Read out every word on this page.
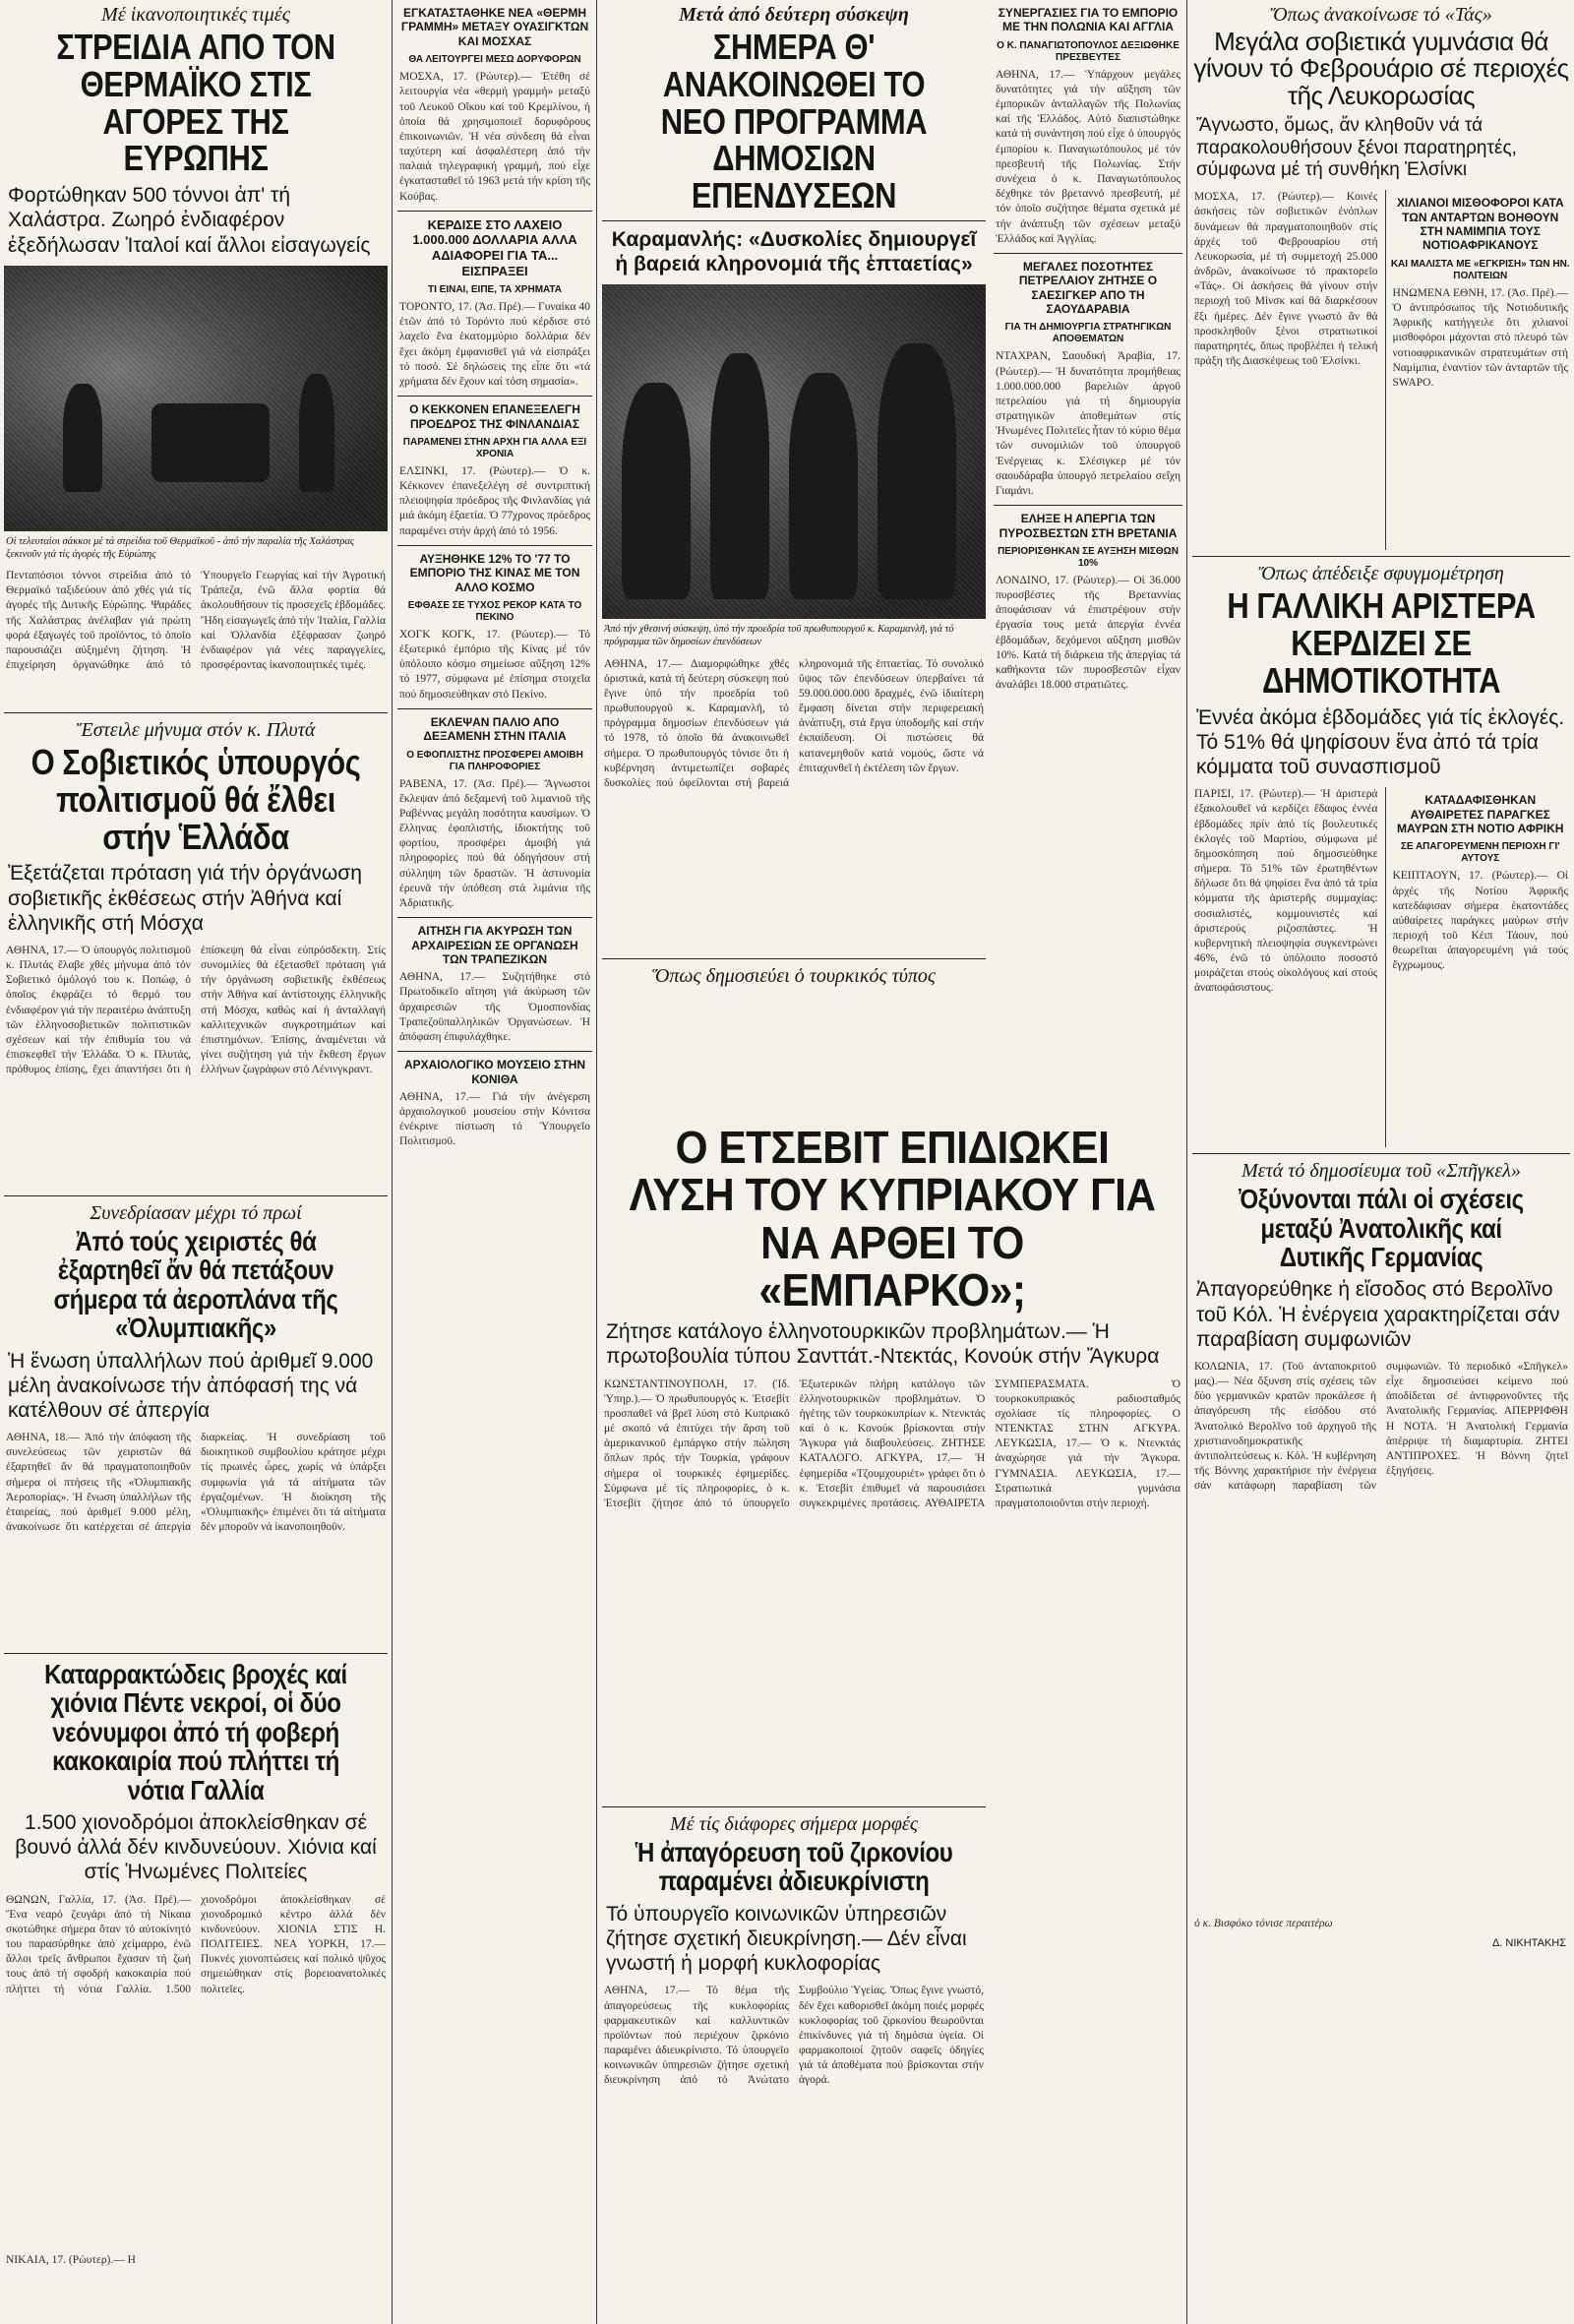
Μέ ἱκανοποιητικές τιμές
ΣΤΡΕΙΔΙΑ ΑΠΟ ΤΟΝ ΘΕΡΜΑΪΚΟ ΣΤΙΣ ΑΓΟΡΕΣ ΤΗΣ ΕΥΡΩΠΗΣ
Φορτώθηκαν 500 τόννοι ἀπ' τή Χαλάστρα. Ζωηρό ἐνδιαφέρον ἐξεδήλωσαν Ἰταλοί καί ἄλλοι εἰσαγωγείς
Οἱ τελευταίοι σάκκοι μέ τά στρείδια τοῦ Θερμαϊκοῦ - ἀπό τήν παραλία τῆς Χαλάστρας ξεκινοῦν γιά τίς ἀγορές τῆς Εὐρώπης
Πενταπόσιοι τόννοι στρείδια ἀπό τό Θερμαϊκό ταξιδεύουν ἀπό χθές γιά τίς ἀγορές τῆς Δυτικῆς Εὐρώπης. Ψαράδες τῆς Χαλάστρας ἀνέλαβαν γιά πρώτη φορά ἐξαγωγές τοῦ προϊόντος, τό ὁποῖο παρουσιάζει αὐξημένη ζήτηση. Ἡ ἐπιχείρηση ὀργανώθηκε ἀπό τό Ὑπουργεῖο Γεωργίας καί τήν Ἀγροτική Τράπεζα, ἐνῶ ἄλλα φορτία θά ἀκολουθήσουν τίς προσεχεῖς ἑβδομάδες. Ἤδη εἰσαγωγεῖς ἀπό τήν Ἰταλία, Γαλλία καί Ὀλλανδία ἐξέφρασαν ζωηρό ἐνδιαφέρον γιά νέες παραγγελίες, προσφέροντας ἱκανοποιητικές τιμές.
Ἔστειλε μήνυμα στόν κ. Πλυτά
Ο Σοβιετικός ὑπουργός πολιτισμοῦ θά ἔλθει στήν Ἑλλάδα
Ἐξετάζεται πρόταση γιά τήν ὀργάνωση σοβιετικῆς ἐκθέσεως στήν Ἀθήνα καί ἑλληνικῆς στή Μόσχα
ΑΘΗΝΑ, 17.— Ὁ ὑπουργός πολιτισμοῦ κ. Πλυτάς ἔλαβε χθές μήνυμα ἀπό τόν Σοβιετικό ὁμόλογό του κ. Ποπώφ, ὁ ὁποῖος ἐκφράζει τό θερμό του ἐνδιαφέρον γιά τήν περαιτέρω ἀνάπτυξη τῶν ἑλληνοσοβιετικῶν πολιτιστικῶν σχέσεων καί τήν ἐπιθυμία του νά ἐπισκεφθεῖ τήν Ἑλλάδα. Ὁ κ. Πλυτάς, πρόθυμος ἐπίσης, ἔχει ἀπαντήσει ὅτι ἡ ἐπίσκεψη θά εἶναι εὐπρόσδεκτη. Στίς συνομιλίες θά ἐξετασθεῖ πρόταση γιά τήν ὀργάνωση σοβιετικῆς ἐκθέσεως στήν Ἀθήνα καί ἀντίστοιχης ἑλληνικῆς στή Μόσχα, καθώς καί ἡ ἀνταλλαγή καλλιτεχνικῶν συγκροτημάτων καί ἐπιστημόνων. Ἐπίσης, ἀναμένεται νά γίνει συζήτηση γιά τήν ἔκθεση ἔργων ἑλλήνων ζωγράφων στό Λένινγκραντ.
Συνεδρίασαν μέχρι τό πρωί
Ἀπό τούς χειριστές θά ἐξαρτηθεῖ ἄν θά πετάξουν σήμερα τά ἀεροπλάνα τῆς «Ὀλυμπιακῆς»
Ἡ ἕνωση ὑπαλλήλων πού ἀριθμεῖ 9.000 μέλη ἀνακοίνωσε τήν ἀπόφασή της νά κατέλθουν σέ ἀπεργία
ΑΘΗΝΑ, 18.— Ἀπό τήν ἀπόφαση τῆς συνελεύσεως τῶν χειριστῶν θά ἐξαρτηθεῖ ἄν θά πραγματοποιηθοῦν σήμερα οἱ πτήσεις τῆς «Ὀλυμπιακῆς Ἀεροπορίας». Ἡ ἕνωση ὑπαλλήλων τῆς ἑταιρείας, πού ἀριθμεῖ 9.000 μέλη, ἀνακοίνωσε ὅτι κατέρχεται σέ ἀπεργία διαρκείας. Ἡ συνεδρίαση τοῦ διοικητικοῦ συμβουλίου κράτησε μέχρι τίς πρωινές ὧρες, χωρίς νά ὑπάρξει συμφωνία γιά τά αἰτήματα τῶν ἐργαζομένων. Ἡ διοίκηση τῆς «Ὀλυμπιακῆς» ἐπιμένει ὅτι τά αἰτήματα δέν μποροῦν νά ἱκανοποιηθοῦν.
Καταρρακτώδεις βροχές καί χιόνια Πέντε νεκροί, οἱ δύο νεόνυμφοι ἀπό τή φοβερή κακοκαιρία πού πλήττει τή νότια Γαλλία
1.500 χιονοδρόμοι ἀποκλείσθηκαν σέ βουνό ἀλλά δέν κινδυνεύουν. Χιόνια καί στίς Ἡνωμένες Πολιτείες
ΘΩΝΩΝ, Γαλλία, 17. (Ἀσ. Πρέ).— Ἕνα νεαρό ζευγάρι ἀπό τή Νίκαια σκοτώθηκε σήμερα ὅταν τό αὐτοκίνητό του παρασύρθηκε ἀπό χείμαρρο, ἐνῶ ἄλλοι τρεῖς ἄνθρωποι ἔχασαν τή ζωή τους ἀπό τή σφοδρή κακοκαιρία πού πλήττει τή νότια Γαλλία. 1.500 χιονοδρόμοι ἀποκλείσθηκαν σέ χιονοδρομικό κέντρο ἀλλά δέν κινδυνεύουν. ΧΙΟΝΙΑ ΣΤΙΣ Η. ΠΟΛΙΤΕΙΕΣ. ΝΕΑ ΥΟΡΚΗ, 17.— Πυκνές χιονοπτώσεις καί πολικό ψῦχος σημειώθηκαν στίς βορειοανατολικές πολιτεῖες.
ΝΙΚΑΙΑ, 17. (Ρώυτερ).— Η
ΕΓΚΑΤΑΣΤΑΘΗΚΕ ΝΕΑ «ΘΕΡΜΗ ΓΡΑΜΜΗ» ΜΕΤΑΞΥ ΟΥΑΣΙΓΚΤΩΝ ΚΑΙ ΜΟΣΧΑΣ
ΘΑ ΛΕΙΤΟΥΡΓΕΙ ΜΕΣΩ ΔΟΡΥΦΟΡΩΝ
ΜΟΣΧΑ, 17. (Ρώυτερ).— Ἐτέθη σέ λειτουργία νέα «θερμή γραμμή» μεταξύ τοῦ Λευκοῦ Οἴκου καί τοῦ Κρεμλίνου, ἡ ὁποία θά χρησιμοποιεῖ δορυφόρους ἐπικοινωνιῶν. Ἡ νέα σύνδεση θά εἶναι ταχύτερη καί ἀσφαλέστερη ἀπό τήν παλαιά τηλεγραφική γραμμή, πού εἶχε ἐγκατασταθεῖ τό 1963 μετά τήν κρίση τῆς Κούβας.
ΚΕΡΔΙΣΕ ΣΤΟ ΛΑΧΕΙΟ 1.000.000 ΔΟΛΛΑΡΙΑ ΑΛΛΑ ΑΔΙΑΦΟΡΕΙ ΓΙΑ ΤΑ... ΕΙΣΠΡΑΞΕΙ
ΤΙ ΕΙΝΑΙ, ΕΙΠΕ, ΤΑ ΧΡΗΜΑΤΑ
ΤΟΡΟΝΤΟ, 17. (Ἀσ. Πρέ).— Γυναίκα 40 ἐτῶν ἀπό τό Τορόντο πού κέρδισε στό λαχεῖο ἕνα ἑκατομμύριο δολλάρια δέν ἔχει ἀκόμη ἐμφανισθεῖ γιά νά εἰσπράξει τό ποσό. Σέ δηλώσεις της εἶπε ὅτι «τά χρήματα δέν ἔχουν καί τόση σημασία».
Ο ΚΕΚΚΟΝΕΝ ΕΠΑΝΕΞΕΛΕΓΗ ΠΡΟΕΔΡΟΣ ΤΗΣ ΦΙΝΛΑΝΔΙΑΣ
ΠΑΡΑΜΕΝΕΙ ΣΤΗΝ ΑΡΧΗ ΓΙΑ ΑΛΛΑ ΕΞΙ ΧΡΟΝΙΑ
ΕΛΣΙΝΚΙ, 17. (Ρώυτερ).— Ὁ κ. Κέκκονεν ἐπανεξελέγη σέ συντριπτική πλειοψηφία πρόεδρος τῆς Φινλανδίας γιά μιά ἀκόμη ἑξαετία. Ὁ 77χρονος πρόεδρος παραμένει στήν ἀρχή ἀπό τό 1956.
ΑΥΞΗΘΗΚΕ 12% ΤΟ '77 ΤΟ ΕΜΠΟΡΙΟ ΤΗΣ ΚΙΝΑΣ ΜΕ ΤΟΝ ΑΛΛΟ ΚΟΣΜΟ
ΕΦΘΑΣΕ ΣΕ ΤΥΧΟΣ ΡΕΚΟΡ ΚΑΤΑ ΤΟ ΠΕΚΙΝΟ
ΧΟΓΚ ΚΟΓΚ, 17. (Ρώυτερ).— Τό ἐξωτερικό ἐμπόριο τῆς Κίνας μέ τόν ὑπόλοιπο κόσμο σημείωσε αὔξηση 12% τό 1977, σύμφωνα μέ ἐπίσημα στοιχεῖα πού δημοσιεύθηκαν στό Πεκίνο.
ΕΚΛΕΨΑΝ ΠΑΛΙΟ ΑΠΟ ΔΕΞΑΜΕΝΗ ΣΤΗΝ ΙΤΑΛΙΑ
Ο ΕΦΟΠΛΙΣΤΗΣ ΠΡΟΣΦΕΡΕΙ ΑΜΟΙΒΗ ΓΙΑ ΠΛΗΡΟΦΟΡΙΕΣ
ΡΑΒΕΝΑ, 17. (Ἀσ. Πρέ).— Ἄγνωστοι ἔκλεψαν ἀπό δεξαμενή τοῦ λιμανιοῦ τῆς Ραβέννας μεγάλη ποσότητα καυσίμων. Ὁ ἕλληνας ἐφοπλιστής, ἰδιοκτήτης τοῦ φορτίου, προσφέρει ἀμοιβή γιά πληροφορίες πού θά ὁδηγήσουν στή σύλληψη τῶν δραστῶν. Ἡ ἀστυνομία ἐρευνᾶ τήν ὑπόθεση στά λιμάνια τῆς Ἀδριατικῆς.
ΑΙΤΗΣΗ ΓΙΑ ΑΚΥΡΩΣΗ ΤΩΝ ΑΡΧΑΙΡΕΣΙΩΝ ΣΕ ΟΡΓΑΝΩΣΗ ΤΩΝ ΤΡΑΠΕΖΙΚΩΝ
ΑΘΗΝΑ, 17.— Συζητήθηκε στό Πρωτοδικεῖο αἴτηση γιά ἀκύρωση τῶν ἀρχαιρεσιῶν τῆς Ὁμοσπονδίας Τραπεζοϋπαλληλικῶν Ὀργανώσεων. Ἡ ἀπόφαση ἐπιφυλάχθηκε.
ΑΡΧΑΙΟΛΟΓΙΚΟ ΜΟΥΣΕΙΟ ΣΤΗΝ ΚΟΝΙΘΑ
ΑΘΗΝΑ, 17.— Γιά τήν ἀνέγερση ἀρχαιολογικοῦ μουσείου στήν Κόνιτσα ἐνέκρινε πίστωση τό Ὑπουργεῖο Πολιτισμοῦ.
Μετά ἀπό δεύτερη σύσκεψη
ΣΗΜΕΡΑ Θ' ΑΝΑΚΟΙΝΩΘΕΙ ΤΟ ΝΕΟ ΠΡΟΓΡΑΜΜΑ ΔΗΜΟΣΙΩΝ ΕΠΕΝΔΥΣΕΩΝ
Καραμανλής: «Δυσκολίες δημιουργεῖ ἡ βαρειά κληρονομιά τῆς ἑπταετίας»
Ἀπό τήν χθεσινή σύσκεψη, ὑπό τήν προεδρία τοῦ πρωθυπουργοῦ κ. Καραμανλῆ, γιά τό πρόγραμμα τῶν δημοσίων ἐπενδύσεων
ΑΘΗΝΑ, 17.— Διαμορφώθηκε χθές ὁριστικά, κατά τή δεύτερη σύσκεψη πού ἔγινε ὑπό τήν προεδρία τοῦ πρωθυπουργοῦ κ. Καραμανλῆ, τό πρόγραμμα δημοσίων ἐπενδύσεων γιά τό 1978, τό ὁποῖο θά ἀνακοινωθεῖ σήμερα. Ὁ πρωθυπουργός τόνισε ὅτι ἡ κυβέρνηση ἀντιμετωπίζει σοβαρές δυσκολίες πού ὀφείλονται στή βαρειά κληρονομιά τῆς ἑπταετίας. Τό συνολικό ὕψος τῶν ἐπενδύσεων ὑπερβαίνει τά 59.000.000.000 δραχμές, ἐνῶ ἰδιαίτερη ἔμφαση δίνεται στήν περιφερειακή ἀνάπτυξη, στά ἔργα ὑποδομῆς καί στήν ἐκπαίδευση. Οἱ πιστώσεις θά κατανεμηθοῦν κατά νομούς, ὥστε νά ἐπιταχυνθεῖ ἡ ἐκτέλεση τῶν ἔργων.
Ὅπως δημοσιεύει ὁ τουρκικός τύπος
Ο ΕΤΣΕΒΙΤ ΕΠΙΔΙΩΚΕΙ ΛΥΣΗ ΤΟΥ ΚΥΠΡΙΑΚΟΥ ΓΙΑ ΝΑ ΑΡΘΕΙ ΤΟ «ΕΜΠΑΡΚΟ»;
Ζήτησε κατάλογο ἑλληνοτουρκικῶν προβλημάτων.— Ἡ πρωτοβουλία τύπου Σανττάτ.-Ντεκτάς, Κονούκ στήν Ἄγκυρα
ΚΩΝΣΤΑΝΤΙΝΟΥΠΟΛΗ, 17. (Ἰδ. Ὑπηρ.).— Ὁ πρωθυπουργός κ. Ἐτσεβίτ προσπαθεῖ νά βρεῖ λύση στό Κυπριακό μέ σκοπό νά ἐπιτύχει τήν ἄρση τοῦ ἀμερικανικοῦ ἐμπάργκο στήν πώληση ὅπλων πρός τήν Τουρκία, γράφουν σήμερα οἱ τουρκικές ἐφημερίδες. Σύμφωνα μέ τίς πληροφορίες, ὁ κ. Ἐτσεβίτ ζήτησε ἀπό τό ὑπουργεῖο Ἐξωτερικῶν πλήρη κατάλογο τῶν ἑλληνοτουρκικῶν προβλημάτων. Ὁ ἡγέτης τῶν τουρκοκυπρίων κ. Ντενκτάς καί ὁ κ. Κονούκ βρίσκονται στήν Ἄγκυρα γιά διαβουλεύσεις. ΖΗΤΗΣΕ ΚΑΤΑΛΟΓΟ. ΑΓΚΥΡΑ, 17.— Ἡ ἐφημερίδα «Τζουμχουριέτ» γράφει ὅτι ὁ κ. Ἐτσεβίτ ἐπιθυμεῖ νά παρουσιάσει συγκεκριμένες προτάσεις. ΑΥΘΑΙΡΕΤΑ ΣΥΜΠΕΡΑΣΜΑΤΑ. Ὁ τουρκοκυπριακός ραδιοσταθμός σχολίασε τίς πληροφορίες. Ο ΝΤΕΝΚΤΑΣ ΣΤΗΝ ΑΓΚΥΡΑ. ΛΕΥΚΩΣΙΑ, 17.— Ὁ κ. Ντενκτάς ἀναχώρησε γιά τήν Ἄγκυρα. ΓΥΜΝΑΣΙΑ. ΛΕΥΚΩΣΙΑ, 17.— Στρατιωτικά γυμνάσια πραγματοποιοῦνται στήν περιοχή.
Μέ τίς διάφορες σήμερα μορφές
Ἡ ἀπαγόρευση τοῦ ζιρκονίου παραμένει ἀδιευκρίνιστη
Τό ὑπουργεῖο κοινωνικῶν ὑπηρεσιῶν ζήτησε σχετική διευκρίνηση.— Δέν εἶναι γνωστή ἡ μορφή κυκλοφορίας
ΑΘΗΝΑ, 17.— Τό θέμα τῆς ἀπαγορεύσεως τῆς κυκλοφορίας φαρμακευτικῶν καί καλλυντικῶν προϊόντων πού περιέχουν ζιρκόνιο παραμένει ἀδιευκρίνιστο. Τό ὑπουργεῖο κοινωνικῶν ὑπηρεσιῶν ζήτησε σχετική διευκρίνηση ἀπό τό Ἀνώτατο Συμβούλιο Ὑγείας. Ὅπως ἔγινε γνωστό, δέν ἔχει καθορισθεῖ ἀκόμη ποιές μορφές κυκλοφορίας τοῦ ζιρκονίου θεωροῦνται ἐπικίνδυνες γιά τή δημόσια ὑγεία. Οἱ φαρμακοποιοί ζητοῦν σαφεῖς ὁδηγίες γιά τά ἀποθέματα πού βρίσκονται στήν ἀγορά.
ΣΥΝΕΡΓΑΣΙΕΣ ΓΙΑ ΤΟ ΕΜΠΟΡΙΟ ΜΕ ΤΗΝ ΠΟΛΩΝΙΑ ΚΑΙ ΑΓΓΛΙΑ
Ο Κ. ΠΑΝΑΓΙΩΤΟΠΟΥΛΟΣ ΔΕΞΙΩΘΗΚΕ ΠΡΕΣΒΕΥΤΕΣ
ΑΘΗΝΑ, 17.— Ὑπάρχουν μεγάλες δυνατότητες γιά τήν αὔξηση τῶν ἐμπορικῶν ἀνταλλαγῶν τῆς Πολωνίας καί τῆς Ἑλλάδος. Αὐτό διαπιστώθηκε κατά τή συνάντηση πού εἶχε ὁ ὑπουργός ἐμπορίου κ. Παναγιωτόπουλος μέ τόν πρεσβευτή τῆς Πολωνίας. Στήν συνέχεια ὁ κ. Παναγιωτόπουλος δέχθηκε τόν βρεταννό πρεσβευτή, μέ τόν ὁποῖο συζήτησε θέματα σχετικά μέ τήν ἀνάπτυξη τῶν σχέσεων μεταξύ Ἑλλάδος καί Ἀγγλίας.
ΜΕΓΑΛΕΣ ΠΟΣΟΤΗΤΕΣ ΠΕΤΡΕΛΑΙΟΥ ΖΗΤΗΣΕ Ο ΣΑΕΣΙΓΚΕΡ ΑΠΟ ΤΗ ΣΑΟΥΔΑΡΑΒΙΑ
ΓΙΑ ΤΗ ΔΗΜΙΟΥΡΓΙΑ ΣΤΡΑΤΗΓΙΚΩΝ ΑΠΟΘΕΜΑΤΩΝ
ΝΤΑΧΡΑΝ, Σαουδική Ἀραβία, 17. (Ρώυτερ).— Ἡ δυνατότητα προμήθειας 1.000.000.000 βαρελιῶν ἀργοῦ πετρελαίου γιά τή δημιουργία στρατηγικῶν ἀποθεμάτων στίς Ἡνωμένες Πολιτεῖες ἦταν τό κύριο θέμα τῶν συνομιλιῶν τοῦ ὑπουργοῦ Ἐνέργειας κ. Σλέσιγκερ μέ τόν σαουδάραβα ὑπουργό πετρελαίου σεΐχη Γιαμάνι.
ΕΛΗΞΕ Η ΑΠΕΡΓΙΑ ΤΩΝ ΠΥΡΟΣΒΕΣΤΩΝ ΣΤΗ ΒΡΕΤΑΝΙΑ
ΠΕΡΙΟΡΙΣΘΗΚΑΝ ΣΕ ΑΥΞΗΣΗ ΜΙΣΘΩΝ 10%
ΛΟΝΔΙΝΟ, 17. (Ρώυτερ).— Οἱ 36.000 πυροσβέστες τῆς Βρεταννίας ἀποφάσισαν νά ἐπιστρέψουν στήν ἐργασία τους μετά ἀπεργία ἐννέα ἑβδομάδων, δεχόμενοι αὔξηση μισθῶν 10%. Κατά τή διάρκεια τῆς ἀπεργίας τά καθήκοντα τῶν πυροσβεστῶν εἶχαν ἀναλάβει 18.000 στρατιῶτες.
Ὅπως ἀνακοίνωσε τό «Τάς»
Μεγάλα σοβιετικά γυμνάσια θά γίνουν τό Φεβρουάριο σέ περιοχές τῆς Λευκορωσίας
Ἄγνωστο, ὅμως, ἄν κληθοῦν νά τά παρακολουθήσουν ξένοι παρατηρητές, σύμφωνα μέ τή συνθήκη Ἑλσίνκι
ΜΟΣΧΑ, 17. (Ρώυτερ).— Κοινές ἀσκήσεις τῶν σοβιετικῶν ἐνόπλων δυνάμεων θά πραγματοποιηθοῦν στίς ἀρχές τοῦ Φεβρουαρίου στή Λευκορωσία, μέ τή συμμετοχή 25.000 ἀνδρῶν, ἀνακοίνωσε τό πρακτορεῖο «Τάς». Οἱ ἀσκήσεις θά γίνουν στήν περιοχή τοῦ Μίνσκ καί θά διαρκέσουν ἕξι ἡμέρες. Δέν ἔγινε γνωστό ἄν θά προσκληθοῦν ξένοι στρατιωτικοί παρατηρητές, ὅπως προβλέπει ἡ τελική πράξη τῆς Διασκέψεως τοῦ Ἑλσίνκι.
ΧΙΛΙΑΝΟΙ ΜΙΣΘΟΦΟΡΟΙ ΚΑΤΑ ΤΩΝ ΑΝΤΑΡΤΩΝ ΒΟΗΘΟΥΝ ΣΤΗ ΝΑΜΙΜΠΙΑ ΤΟΥΣ ΝΟΤΙΟΑΦΡΙΚΑΝΟΥΣ
ΚΑΙ ΜΑΛΙΣΤΑ ΜΕ «ΕΓΚΡΙΣΗ» ΤΩΝ ΗΝ. ΠΟΛΙΤΕΙΩΝ
ΗΝΩΜΕΝΑ ΕΘΝΗ, 17. (Ἀσ. Πρέ).— Ὁ ἀντιπρόσωπος τῆς Νοτιοδυτικῆς Ἀφρικῆς κατήγγειλε ὅτι χιλιανοί μισθοφόροι μάχονται στό πλευρό τῶν νοτιοαφρικανικῶν στρατευμάτων στή Ναμίμπια, ἐναντίον τῶν ἀνταρτῶν τῆς SWAPO.
Ὅπως ἀπέδειξε σφυγμομέτρηση
Η ΓΑΛΛΙΚΗ ΑΡΙΣΤΕΡΑ ΚΕΡΔΙΖΕΙ ΣΕ ΔΗΜΟΤΙΚΟΤΗΤΑ
Ἐννέα ἀκόμα ἑβδομάδες γιά τίς ἐκλογές. Τό 51% θά ψηφίσουν ἕνα ἀπό τά τρία κόμματα τοῦ συνασπισμοῦ
ΠΑΡΙΣΙ, 17. (Ρώυτερ).— Ἡ ἀριστερά ἐξακολουθεῖ νά κερδίζει ἔδαφος ἐννέα ἑβδομάδες πρίν ἀπό τίς βουλευτικές ἐκλογές τοῦ Μαρτίου, σύμφωνα μέ δημοσκόπηση πού δημοσιεύθηκε σήμερα. Τό 51% τῶν ἐρωτηθέντων δήλωσε ὅτι θά ψηφίσει ἕνα ἀπό τά τρία κόμματα τῆς ἀριστερῆς συμμαχίας: σοσιαλιστές, κομμουνιστές καί ἀριστερούς ριζοσπάστες. Ἡ κυβερνητική πλειοψηφία συγκεντρώνει 46%, ἐνῶ τό ὑπόλοιπο ποσοστό μοιράζεται στούς οἰκολόγους καί στούς ἀναποφάσιστους.
ΚΑΤΑΔΑΦΙΣΘΗΚΑΝ ΑΥΘΑΙΡΕΤΕΣ ΠΑΡΑΓΚΕΣ ΜΑΥΡΩΝ ΣΤΗ ΝΟΤΙΟ ΑΦΡΙΚΗ
ΣΕ ΑΠΑΓΟΡΕΥΜΕΝΗ ΠΕΡΙΟΧΗ ΓΙ' ΑΥΤΟΥΣ
ΚΕΙΠΤΑΟΥΝ, 17. (Ρώυτερ).— Οἱ ἀρχές τῆς Νοτίου Ἀφρικῆς κατεδάφισαν σήμερα ἑκατοντάδες αὐθαίρετες παράγκες μαύρων στήν περιοχή τοῦ Κέιπ Τάουν, πού θεωρεῖται ἀπαγορευμένη γιά τούς ἔγχρωμους.
Μετά τό δημοσίευμα τοῦ «Σπῆγκελ»
Ὀξύνονται πάλι οἱ σχέσεις μεταξύ Ἀνατολικῆς καί Δυτικῆς Γερμανίας
Ἀπαγορεύθηκε ἡ εἴσοδος στό Βερολῖνο τοῦ Κόλ. Ἡ ἐνέργεια χαρακτηρίζεται σάν παραβίαση συμφωνιῶν
ΚΟΛΩΝΙΑ, 17. (Τοῦ ἀνταποκριτοῦ μας).— Νέα ὄξυνση στίς σχέσεις τῶν δύο γερμανικῶν κρατῶν προκάλεσε ἡ ἀπαγόρευση τῆς εἰσόδου στό Ἀνατολικό Βερολῖνο τοῦ ἀρχηγοῦ τῆς χριστιανοδημοκρατικῆς ἀντιπολιτεύσεως κ. Κόλ. Ἡ κυβέρνηση τῆς Βόννης χαρακτήρισε τήν ἐνέργεια σάν κατάφωρη παραβίαση τῶν συμφωνιῶν. Τό περιοδικό «Σπῆγκελ» εἶχε δημοσιεύσει κείμενο πού ἀποδίδεται σέ ἀντιφρονοῦντες τῆς Ἀνατολικῆς Γερμανίας. ΑΠΕΡΡΙΦΘΗ Η ΝΟΤΑ. Ἡ Ἀνατολική Γερμανία ἀπέρριψε τή διαμαρτυρία. ΖΗΤΕΙ ΑΝΤΙΠΡΟΧΕΣ. Ἡ Βόννη ζητεῖ ἐξηγήσεις.
ὁ κ. Βισφόκο τόνισε περαιτέρω
Δ. ΝΙΚΗΤΑΚΗΣ
